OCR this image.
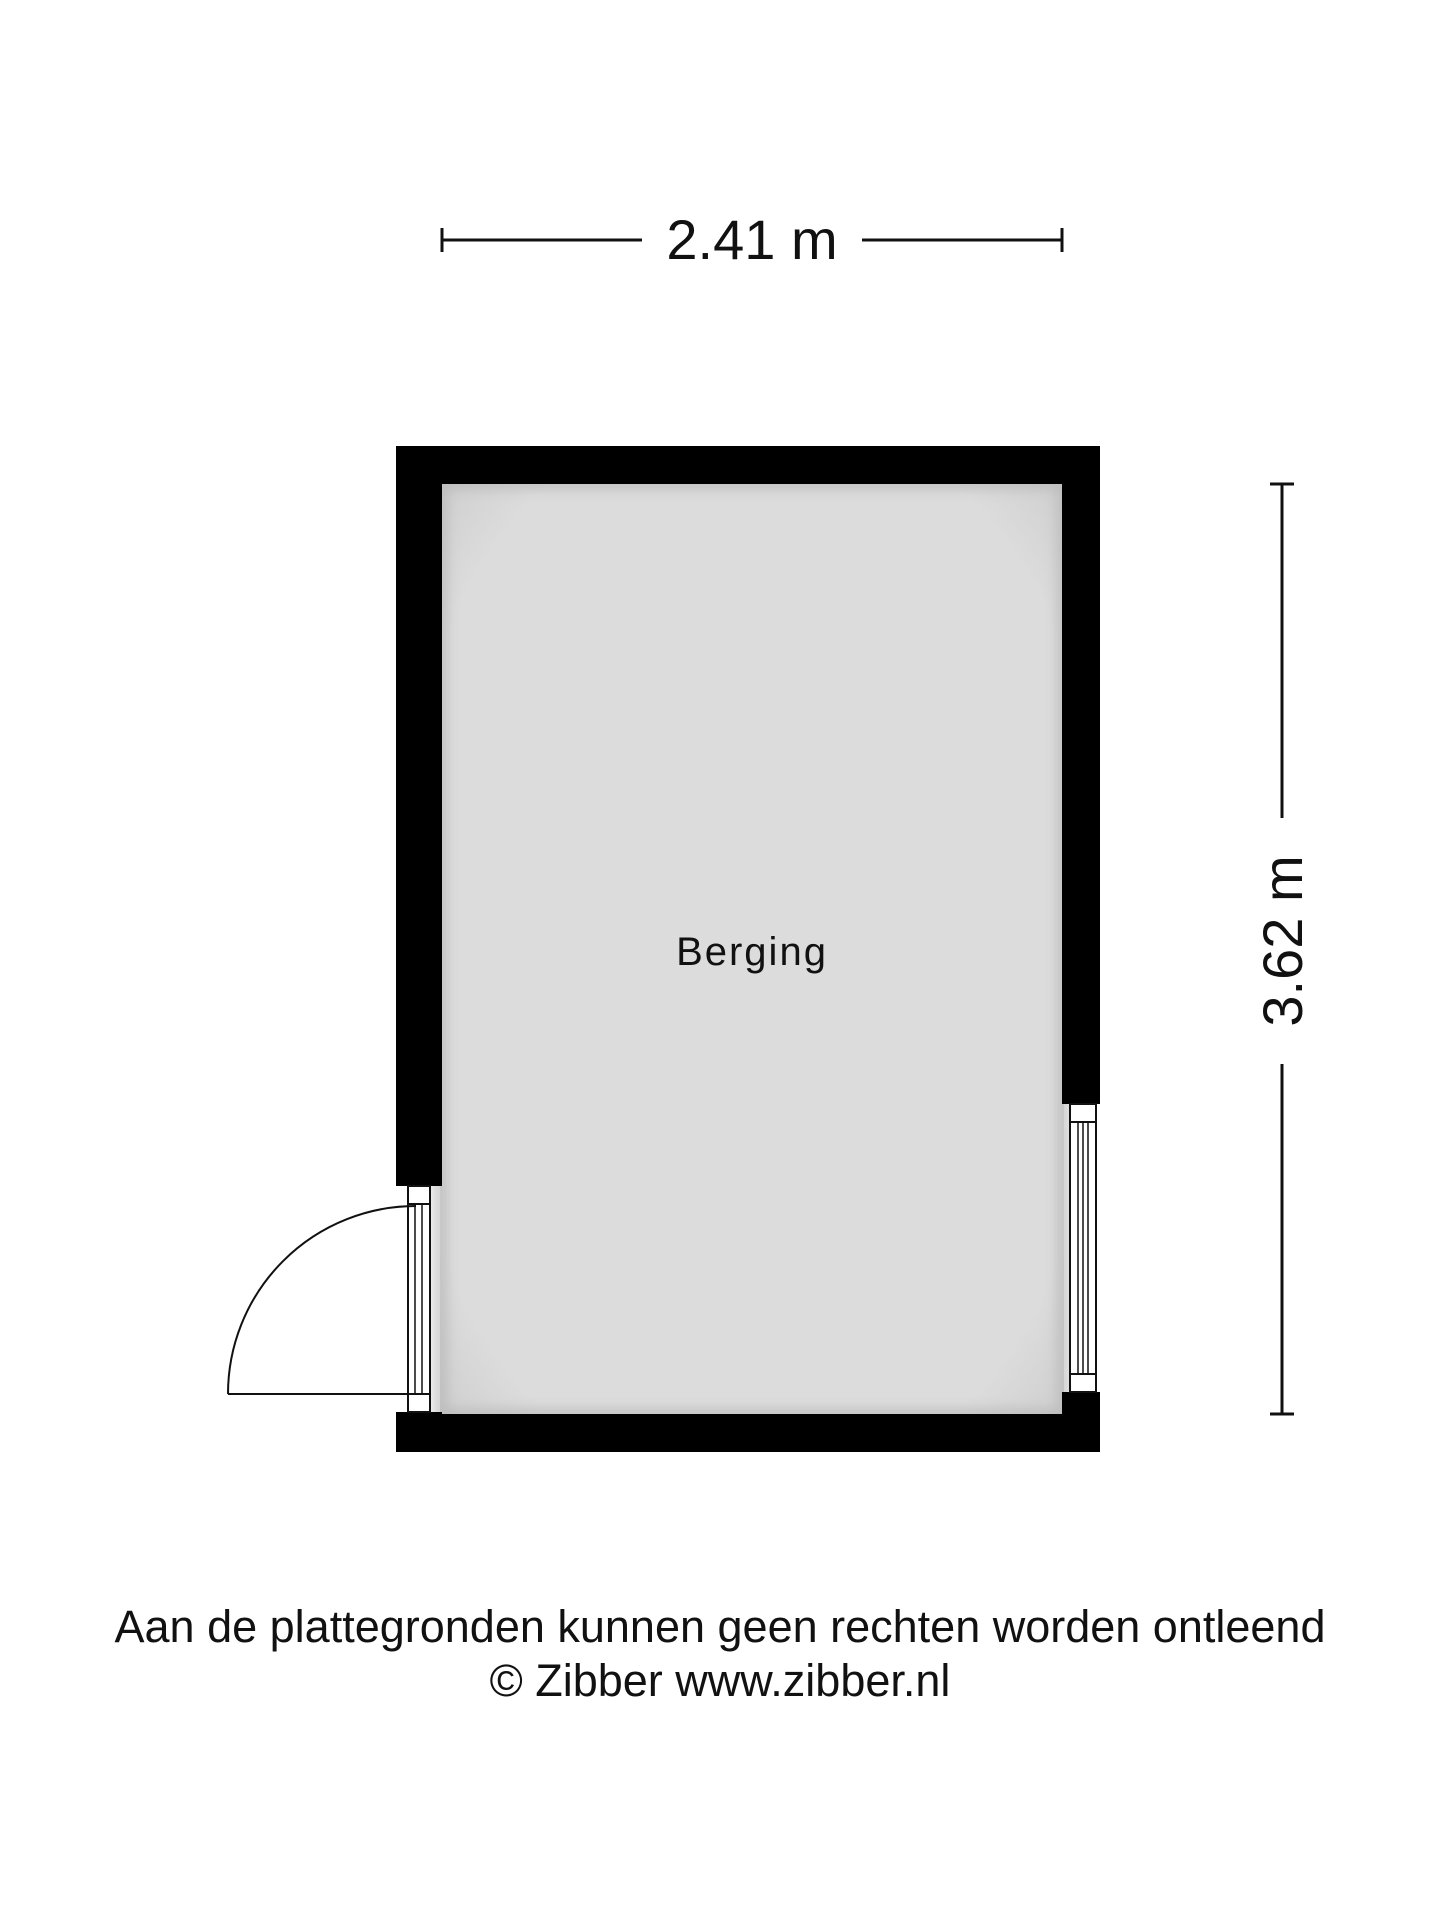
2.41 m
3.62 m
Berging
Aan de plattegronden kunnen geen rechten worden ontleend
© Zibber www.zibber.nl
